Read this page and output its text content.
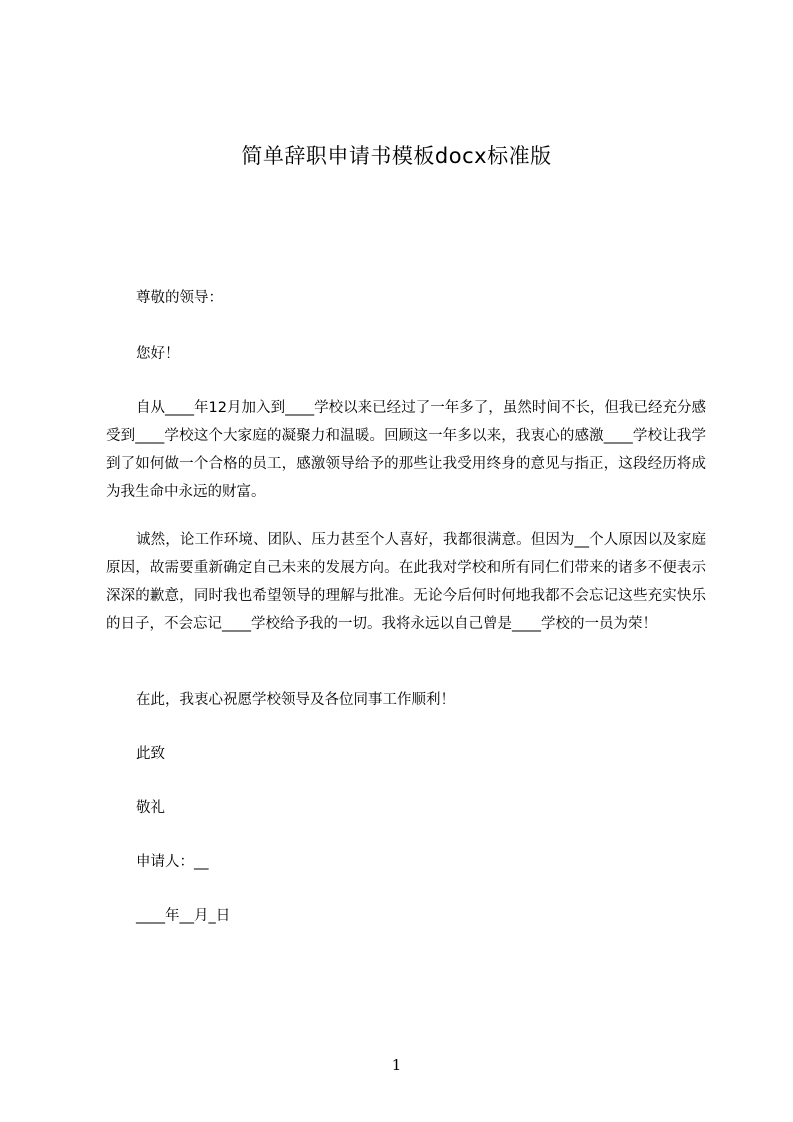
简单辞职申请书模板docx标准版
尊敬的领导：
您好！
自从____年12月加入到____学校以来已经过了一年多了，虽然时间不长，但我已经充分感受到____学校这个大家庭的凝聚力和温暖。回顾这一年多以来，我衷心的感激____学校让我学到了如何做一个合格的员工，感激领导给予的那些让我受用终身的意见与指正，这段经历将成为我生命中永远的财富。
诚然，论工作环境、团队、压力甚至个人喜好，我都很满意。但因为__个人原因以及家庭原因，故需要重新确定自己未来的发展方向。在此我对学校和所有同仁们带来的诸多不便表示深深的歉意，同时我也希望领导的理解与批准。无论今后何时何地我都不会忘记这些充实快乐的日子，不会忘记____学校给予我的一切。我将永远以自己曾是____学校的一员为荣！
在此，我衷心祝愿学校领导及各位同事工作顺利！
此致
敬礼
申请人：__
____年__月_日
1
